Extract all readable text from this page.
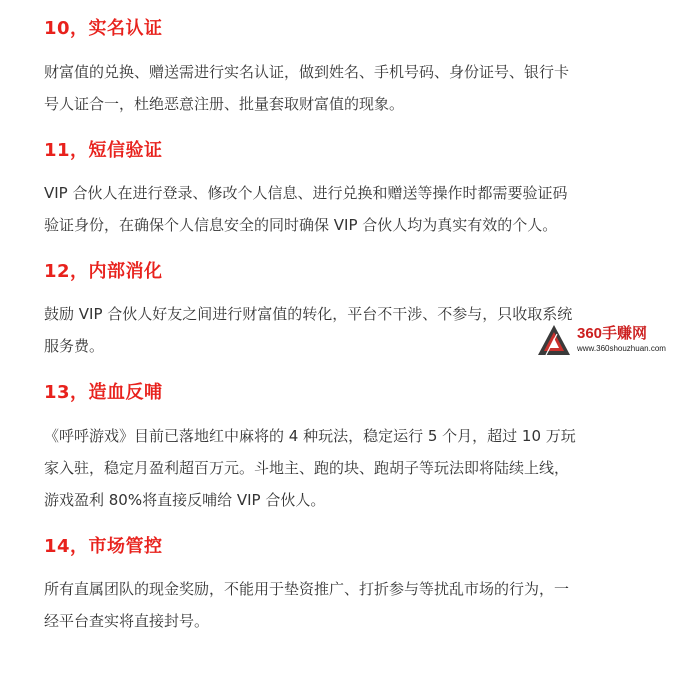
10，实名认证
财富值的兑换、赠送需进行实名认证，做到姓名、手机号码、身份证号、银行卡
号人证合一，杜绝恶意注册、批量套取财富值的现象。
11，短信验证
VIP 合伙人在进行登录、修改个人信息、进行兑换和赠送等操作时都需要验证码
验证身份，在确保个人信息安全的同时确保 VIP 合伙人均为真实有效的个人。
12，内部消化
鼓励 VIP 合伙人好友之间进行财富值的转化，平台不干涉、不参与，只收取系统
服务费。
13，造血反哺
《呼呼游戏》目前已落地红中麻将的 4 种玩法，稳定运行 5 个月，超过 10 万玩
家入驻，稳定月盈利超百万元。斗地主、跑的块、跑胡子等玩法即将陆续上线，
游戏盈利 80%将直接反哺给 VIP 合伙人。
14，市场管控
所有直属团队的现金奖励，不能用于垫资推广、打折参与等扰乱市场的行为，一
经平台查实将直接封号。
360手赚网
www.360shouzhuan.com
